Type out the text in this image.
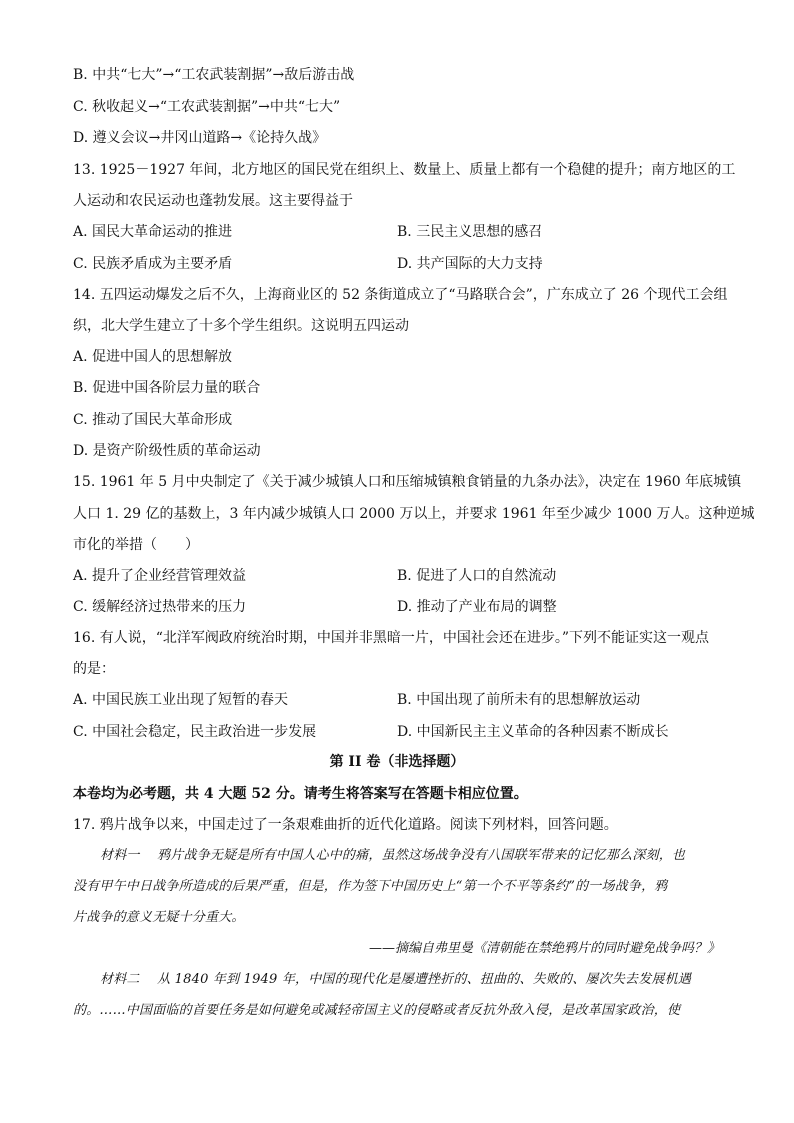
B. 中共“七大”→“工农武装割据”→敌后游击战
C. 秋收起义→“工农武装割据”→中共“七大”
D. 遵义会议→井冈山道路→《论持久战》
13. 1925－1927 年间，北方地区的国民党在组织上、数量上、质量上都有一个稳健的提升；南方地区的工
人运动和农民运动也蓬勃发展。这主要得益于
A. 国民大革命运动的推进	B. 三民主义思想的感召
C. 民族矛盾成为主要矛盾	D. 共产国际的大力支持
14. 五四运动爆发之后不久，上海商业区的 52 条街道成立了“马路联合会”，广东成立了 26 个现代工会组
织，北大学生建立了十多个学生组织。这说明五四运动
A. 促进中国人的思想解放
B. 促进中国各阶层力量的联合
C. 推动了国民大革命形成
D. 是资产阶级性质的革命运动
15. 1961 年 5 月中央制定了《关于减少城镇人口和压缩城镇粮食销量的九条办法》，决定在 1960 年底城镇
人口 1. 29 亿的基数上，3 年内减少城镇人口 2000 万以上，并要求 1961 年至少减少 1000 万人。这种逆城
市化的举措（　　）
A. 提升了企业经营管理效益	B. 促进了人口的自然流动
C. 缓解经济过热带来的压力	D. 推动了产业布局的调整
16. 有人说，“北洋军阀政府统治时期，中国并非黑暗一片，中国社会还在进步。”下列不能证实这一观点
的是：
A. 中国民族工业出现了短暂的春天	B. 中国出现了前所未有的思想解放运动
C. 中国社会稳定，民主政治进一步发展	D. 中国新民主主义革命的各种因素不断成长
第 II 卷（非选择题）
本卷均为必考题，共 4 大题 52 分。请考生将答案写在答题卡相应位置。
17. 鸦片战争以来，中国走过了一条艰难曲折的近代化道路。阅读下列材料，回答问题。
材料一　 鸦片战争无疑是所有中国人心中的痛，虽然这场战争没有八国联军带来的记忆那么深刻，也
没有甲午中日战争所造成的后果严重，但是，作为签下中国历史上“第一个不平等条约”的一场战争，鸦
片战争的意义无疑十分重大。
——摘编自弗里曼《清朝能在禁绝鸦片的同时避免战争吗？》
材料二　 从 1840 年到 1949 年，中国的现代化是屡遭挫折的、扭曲的、失败的、屡次失去发展机遇
的。……中国面临的首要任务是如何避免或减轻帝国主义的侵略或者反抗外敌入侵，是改革国家政治，使
